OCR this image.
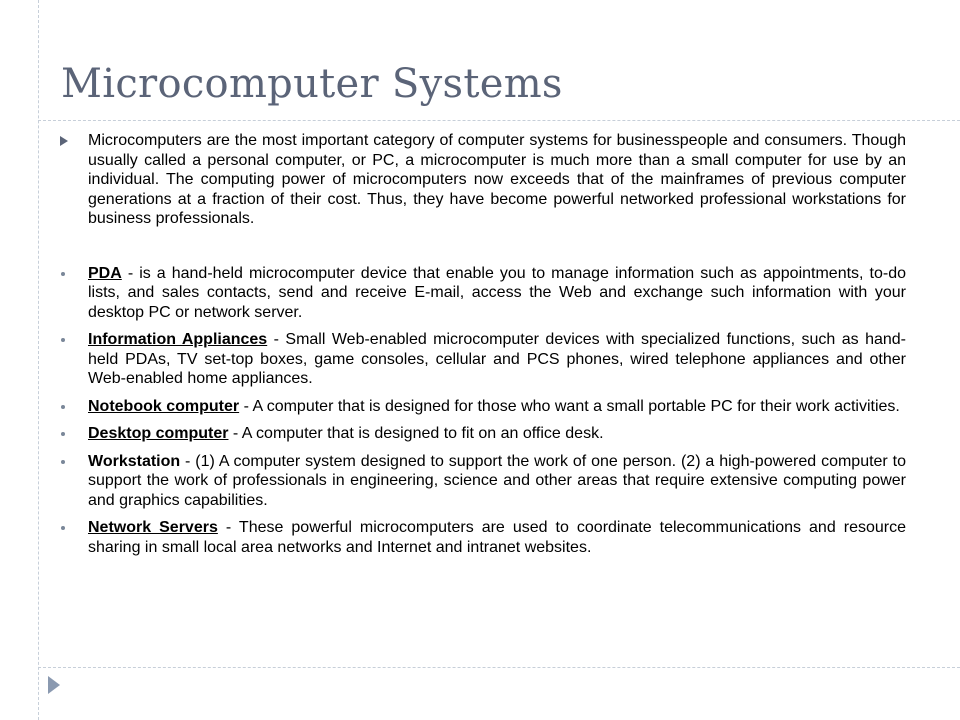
Microcomputer Systems

Microcomputers are the most important category of computer systems for businesspeople and consumers. Though usually called a personal computer, or PC, a microcomputer is much more than a small computer for use by an individual. The computing power of microcomputers now exceeds that of the mainframes of previous computer generations at a fraction of their cost. Thus, they have become powerful networked professional workstations for business professionals.

PDA - is a hand-held microcomputer device that enable you to manage information such as appointments, to-do lists, and sales contacts, send and receive E-mail, access the Web and exchange such information with your desktop PC or network server.
Information Appliances - Small Web-enabled microcomputer devices with specialized functions, such as hand-held PDAs, TV set-top boxes, game consoles, cellular and PCS phones, wired telephone appliances and other Web-enabled home appliances.
Notebook computer - A computer that is designed for those who want a small portable PC for their work activities.
Desktop computer - A computer that is designed to fit on an office desk.
Workstation - (1) A computer system designed to support the work of one person. (2) a high-powered computer to support the work of professionals in engineering, science and other areas that require extensive computing power and graphics capabilities.
Network Servers - These powerful microcomputers are used to coordinate telecommunications and resource sharing in small local area networks and Internet and intranet websites.
